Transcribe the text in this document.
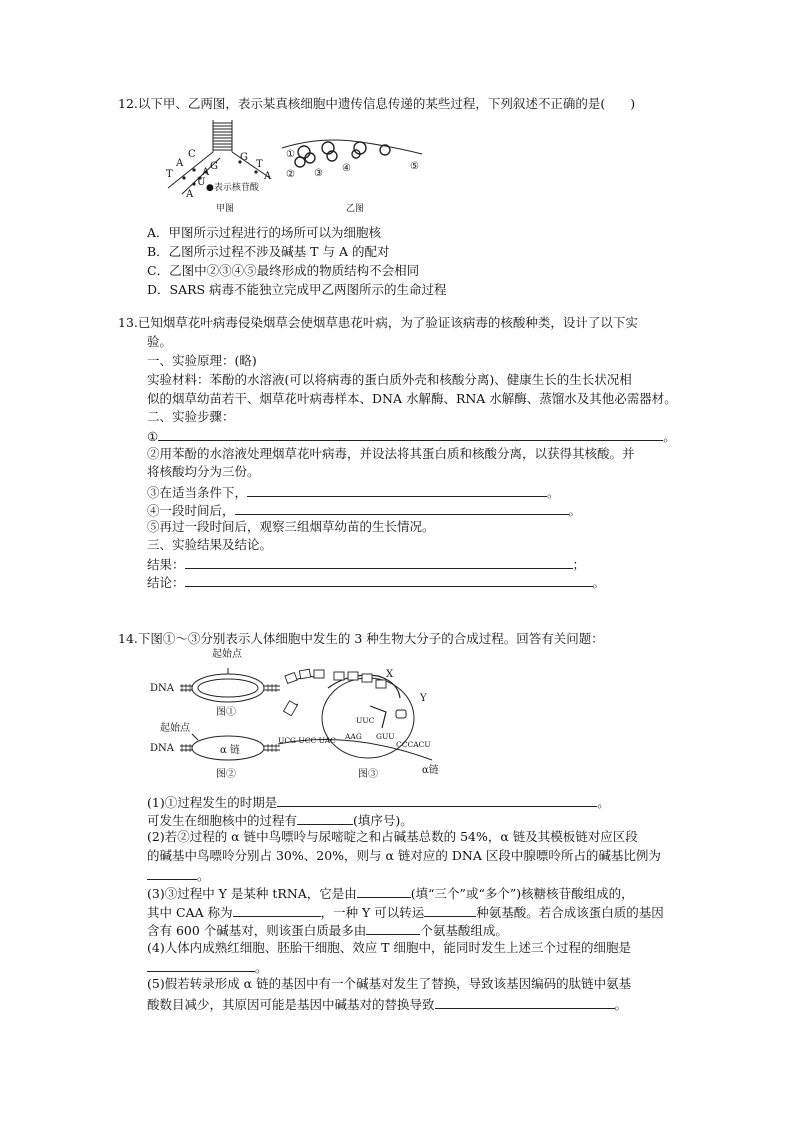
12.以下甲、乙两图，表示某真核细胞中遗传信息传递的某些过程，下列叙述不正确的是(　　)
T
A
C
A
G
U
A
G
T
A
●表示核苷酸
甲图
①
② ③ ④	⑤
乙图
A．甲图所示过程进行的场所可以为细胞核
B．乙图所示过程不涉及碱基 T 与 A 的配对
C．乙图中②③④⑤最终形成的物质结构不会相同
D．SARS 病毒不能独立完成甲乙两图所示的生命过程
13.已知烟草花叶病毒侵染烟草会使烟草患花叶病，为了验证该病毒的核酸种类，设计了以下实
验。
一、实验原理：(略)
实验材料：苯酚的水溶液(可以将病毒的蛋白质外壳和核酸分离)、健康生长的生长状况相
似的烟草幼苗若干、烟草花叶病毒样本、DNA 水解酶、RNA 水解酶、蒸馏水及其他必需器材。
二、实验步骤：
①	。
②用苯酚的水溶液处理烟草花叶病毒，并设法将其蛋白质和核酸分离，以获得其核酸。并
将核酸均分为三份。
③在适当条件下，	。
④一段时间后，	。
⑤再过一段时间后，观察三组烟草幼苗的生长情况。
三、实验结果及结论。
结果：	；
结论：	。
14.下图①～③分别表示人体细胞中发生的 3 种生物大分子的合成过程。回答有关问题：
起始点
DNA
图①
起始点
DNA	α 链
图②	图③	α链
X
Y
UCG UCC UAC AAG GUU
CCCACU
UUC
(1)①过程发生的时期是	。
可发生在细胞核中的过程有	(填序号)。
(2)若②过程的 α 链中鸟嘌呤与尿嘧啶之和占碱基总数的 54%，α 链及其模板链对应区段
的碱基中鸟嘌呤分别占 30%、20%，则与 α 链对应的 DNA 区段中腺嘌呤所占的碱基比例为
。
(3)③过程中 Y 是某种 tRNA，它是由	(填“三个”或“多个”)核糖核苷酸组成的，
其中 CAA 称为	，一种 Y 可以转运	种氨基酸。若合成该蛋白质的基因
含有 600 个碱基对，则该蛋白质最多由	个氨基酸组成。
(4)人体内成熟红细胞、胚胎干细胞、效应 T 细胞中，能同时发生上述三个过程的细胞是
。
(5)假若转录形成 α 链的基因中有一个碱基对发生了替换，导致该基因编码的肽链中氨基
酸数目减少，其原因可能是基因中碱基对的替换导致	。
